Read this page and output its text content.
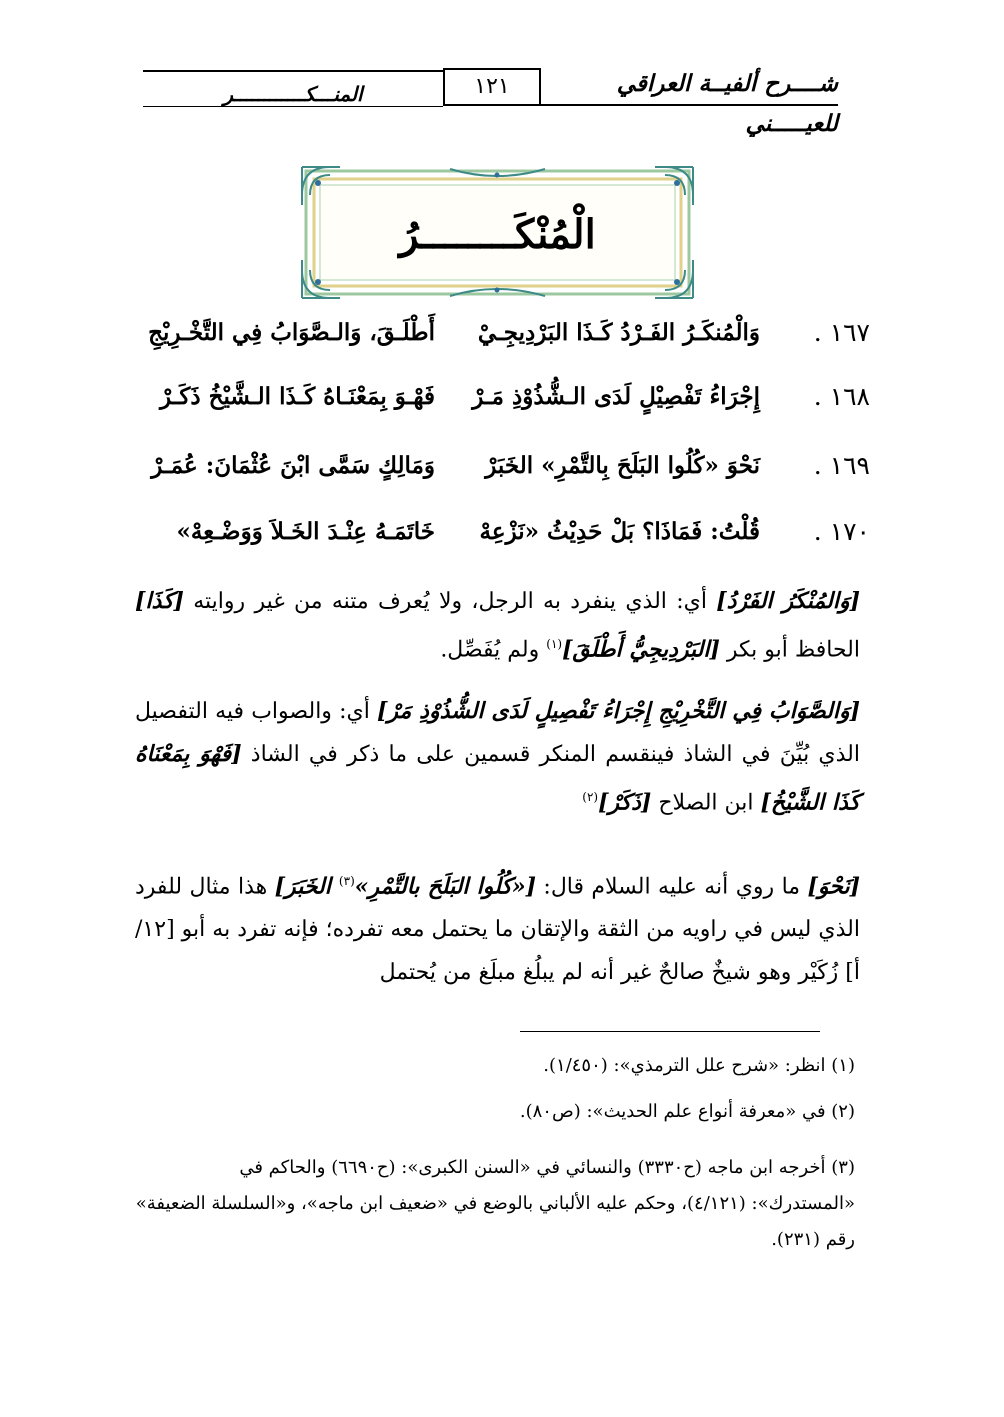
شــــرح ألفيــة العراقي للعيـــــني
١٢١
المنـــكــــــــــــر
الْمُنْكَــــــــرُ
١٦٧ .
وَالْمُنكَـرُ الفَـرْدُ كَـذَا البَرْدِيجِـيْ
أَطْلَـقَ، وَالـصَّوَابُ فِي التَّخْـرِيْجِ
١٦٨ .
إِجْرَاءُ تَفْصِيْلٍ لَدَى الـشُّذُوْذِ مَـرْ
فَهْـوَ بِمَعْنَـاهُ كَـذَا الـشَّيْخُ ذَكَـرْ
١٦٩ .
نَحْوَ «كُلُوا البَلَحَ بِالتَّمْرِ» الخَبَرْ
وَمَالِكٍ سَمَّى ابْنَ عُثْمَانَ: عُمَـرْ
١٧٠ .
قُلْتُ: فَمَاذَا؟ بَلْ حَدِيْثُ «نَزْعِهْ
خَاتَمَـهُ عِنْـدَ الخَـلاَ وَوَضْـعِهْ»
[وَالمُنْكَرُ الفَرْدُ] أي: الذي ينفرد به الرجل، ولا يُعرف متنه من غير روايته [كَذَا] الحافظ أبو بكر [البَرْدِيجِيُّ أَطْلَقَ]$^{(١)}$ ولم يُفَصِّل.
[وَالصَّوَابُ فِي التَّخْرِيْجِ إِجْرَاءُ تَفْصِيلٍ لَدَى الشُّذُوْذِ مَرْ] أي: والصواب فيه التفصيل الذي بُيِّنَ في الشاذ فينقسم المنكر قسمين على ما ذكر في الشاذ [فَهْوَ بِمَعْنَاهُ كَذَا الشَّيْخُ] ابن الصلاح [ذَكَرْ]$^{(٢)}$
[نَحْوَ] ما روي أنه عليه السلام قال: [«كُلُوا البَلَحَ بالتَّمْرِ»$^{(٣)}$ الخَبَرَ] هذا مثال للفرد الذي ليس في راويه من الثقة والإتقان ما يحتمل معه تفرده؛ فإنه تفرد به أبو [١٢/أ] زُكَيْر وهو شيخٌ صالحٌ غير أنه لم يبلُغ مبلَغ من يُحتمل
(١) انظر: «شرح علل الترمذي»: (١/٤٥٠).
(٢) في «معرفة أنواع علم الحديث»: (ص٨٠).
(٣) أخرجه ابن ماجه (ح٣٣٣٠) والنسائي في «السنن الكبرى»: (ح٦٦٩٠) والحاكم في «المستدرك»: (٤/١٢١)، وحكم عليه الألباني بالوضع في «ضعيف ابن ماجه»، و«السلسلة الضعيفة» رقم (٢٣١).
